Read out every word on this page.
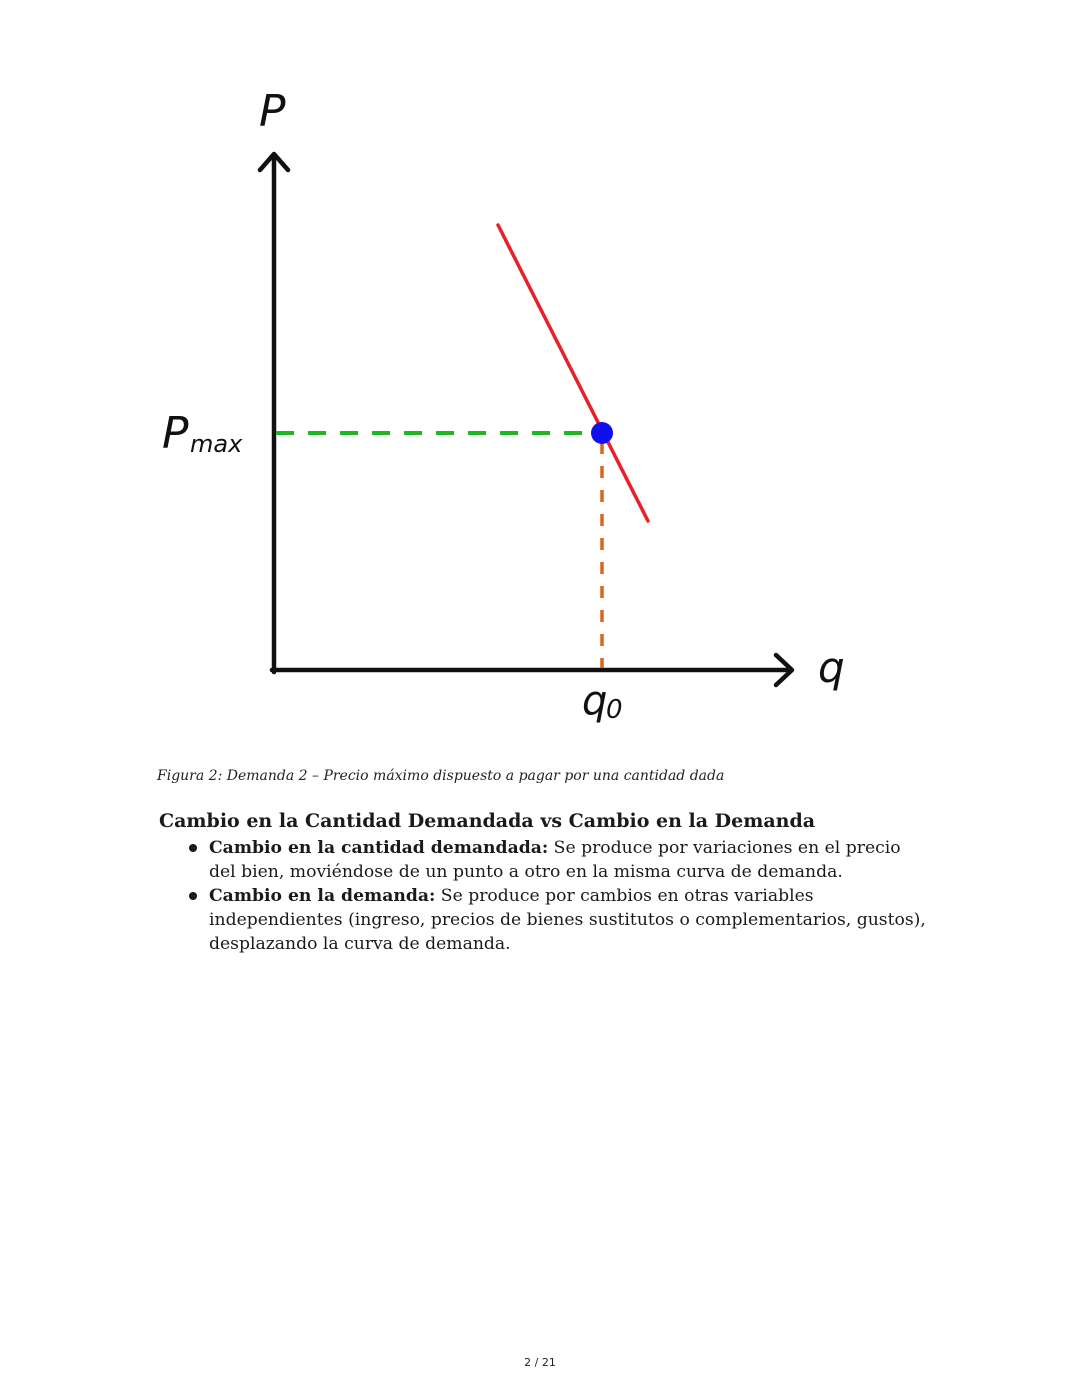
P
q
P max
q
0
Figura 2: Demanda 2 – Precio máximo dispuesto a pagar por una cantidad dada
Cambio en la Cantidad Demandada vs Cambio en la Demanda
Cambio en la cantidad demandada: Se produce por variaciones en el precio del bien, moviéndose de un punto a otro en la misma curva de demanda.
Cambio en la demanda: Se produce por cambios en otras variables independientes (ingreso, precios de bienes sustitutos o complementarios, gustos), desplazando la curva de demanda.
2 / 21
